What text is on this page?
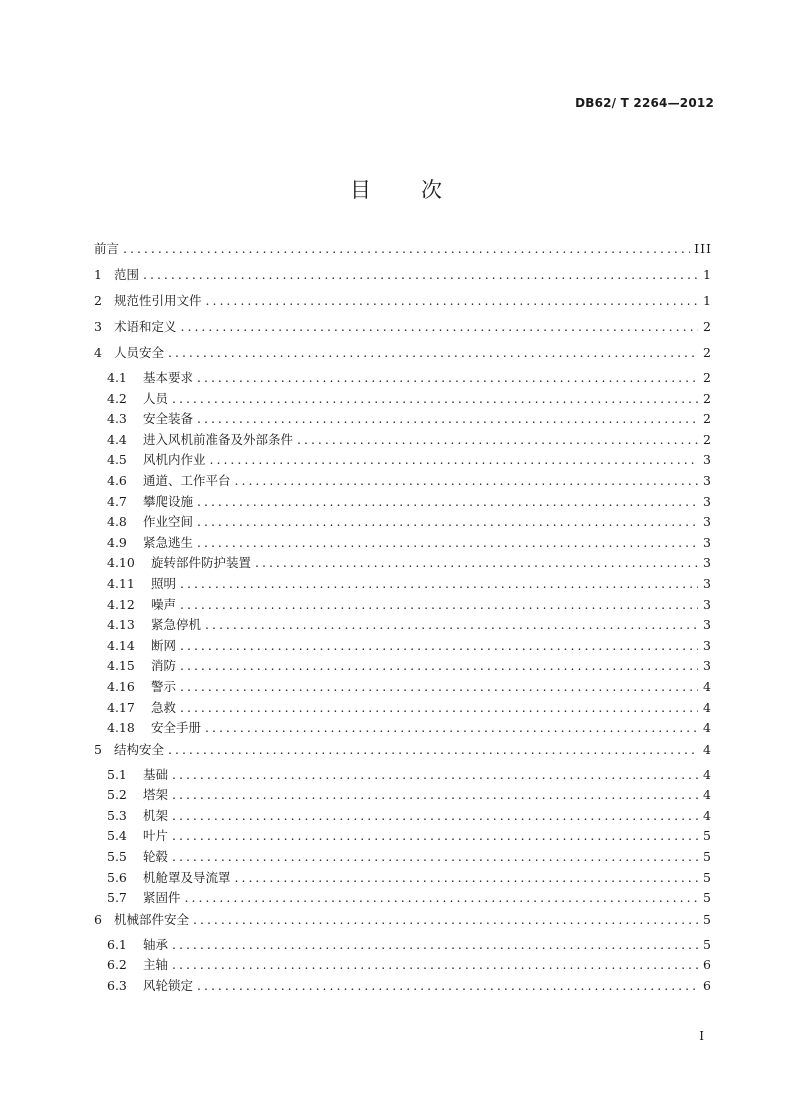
DB62/ T 2264—2012
目次
前言 .....	III
1 范围 .....	1
2 规范性引用文件 .....	1
3 术语和定义 .....	2
4 人员安全 .....	2
4.1	基本要求 .....	2
4.2	人员 .....	2
4.3	安全装备 .....	2
4.4	进入风机前准备及外部条件 .....	2
4.5	风机内作业 .....	3
4.6	通道、工作平台 .....	3
4.7	攀爬设施 .....	3
4.8	作业空间 .....	3
4.9	紧急逃生 .....	3
4.10	旋转部件防护装置 .....	3
4.11	照明 .....	3
4.12	噪声 .....	3
4.13	紧急停机 .....	3
4.14	断网 .....	3
4.15	消防 .....	3
4.16	警示 .....	4
4.17	急救 .....	4
4.18	安全手册 .....	4
5 结构安全 .....	4
5.1	基础 .....	4
5.2	塔架 .....	4
5.3	机架 .....	4
5.4	叶片 .....	5
5.5	轮毂 .....	5
5.6	机舱罩及导流罩 .....	5
5.7	紧固件 .....	5
6 机械部件安全 .....	5
6.1	轴承 .....	5
6.2	主轴 .....	6
6.3	风轮锁定 .....	6
I
